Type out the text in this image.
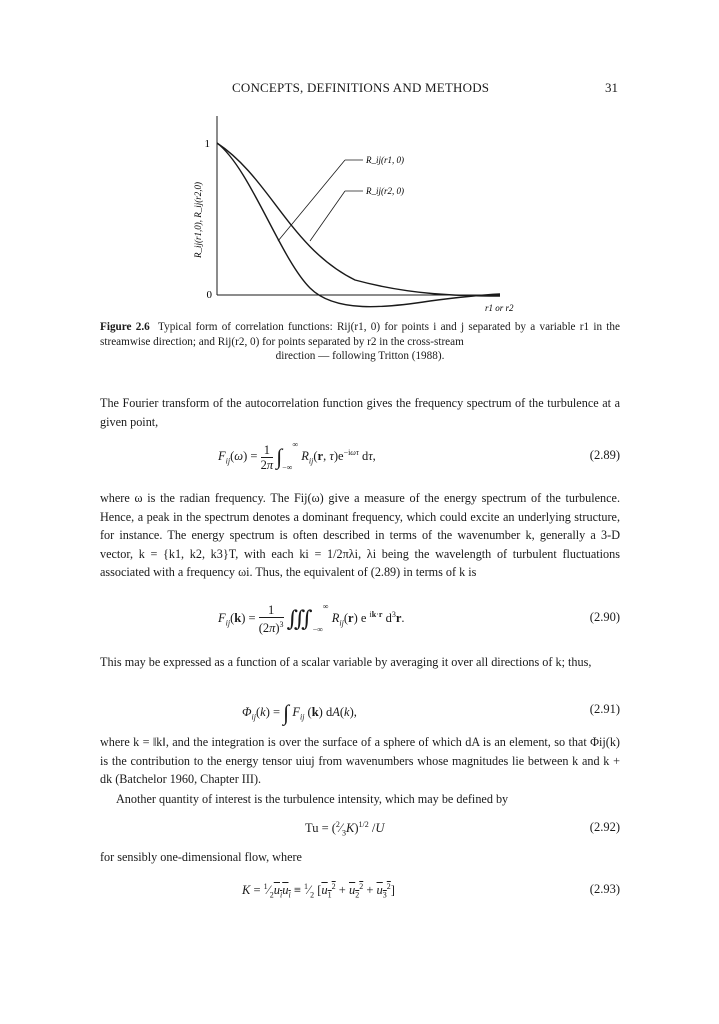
CONCEPTS, DEFINITIONS AND METHODS	31
1
0
R_ij(r1,0), R_ij(r2,0)
R_ij(r1, 0)
R_ij(r2, 0)
r1 or r2
Figure 2.6 Typical form of correlation functions: Rij(r1, 0) for points i and j separated by a variable r1 in the streamwise direction; and Rij(r2, 0) for points separated by r2 in the cross-stream
direction — following Tritton (1988).
The Fourier transform of the autocorrelation function gives the frequency spectrum of the turbulence at a given point,
$F_{ij}(\omega) = \frac{1}{2\pi} \int_{-\infty}^\infty$ $R_{ij}(r$, $\tau)e^{-i\omega\tau}$ dτ,	(2.89)
where ω is the radian frequency. The Fij(ω) give a measure of the energy spectrum of the turbulence. Hence, a peak in the spectrum denotes a dominant frequency, which could excite an underlying structure, for instance. The energy spectrum is often described in terms of the wavenumber k, generally a 3-D vector, k = {k1, k2, k3}T, with each ki = 1/2πλi, λi being the wavelength of turbulent fluctuations associated with a frequency ωi. Thus, the equivalent of (2.89) in terms of k is
$F_{ij}(k) = \frac{1}{(2\pi)^3}$ $∭_{-\infty}^\infty$ $R_{ij}(r)$ e $^{ik\cdot r}$ $d^3r$.	(2.90)
This may be expressed as a function of a scalar variable by averaging it over all directions of k; thus,
$\Phi_{ij}(k)$ = ∫ $F_{ij}$ (k) dA(k),	(2.91)
where k = ‖k‖, and the integration is over the surface of a sphere of which dA is an element, so that Φij(k) is the contribution to the energy tensor uiuj from wavenumbers whose magnitudes lie between k and k + dk (Batchelor 1960, Chapter III).
Another quantity of interest is the turbulence intensity, which may be defined by
$Tu = (^2⁄_3K)^{1/2}$ /U	(2.92)
for sensibly one-dimensional flow, where
$K = ^1⁄_2u_iu_i$ ≡ $^1⁄_2$ $[u_1^2 + u_2^2 + u_3^2]$	(2.93)
